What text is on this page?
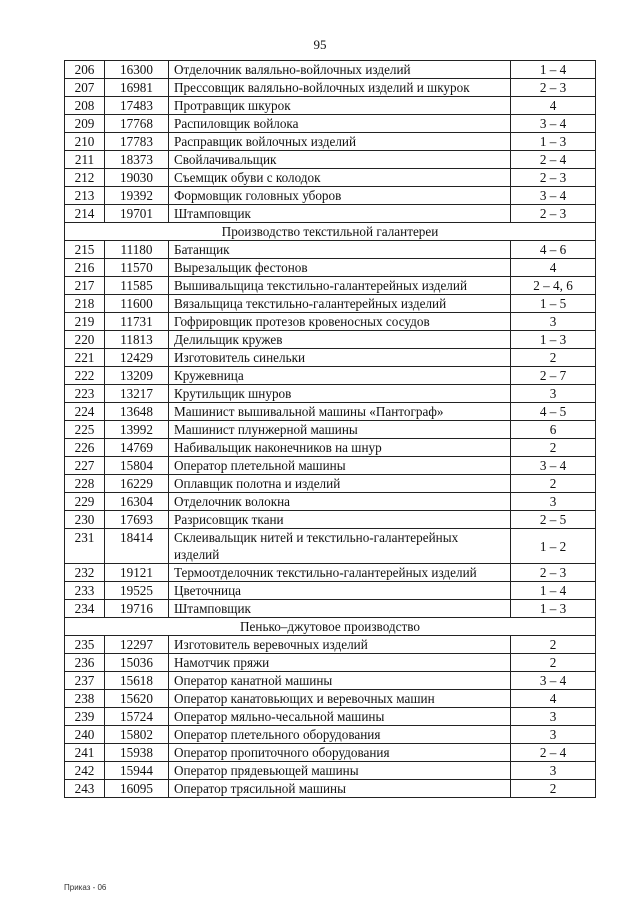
95
206	16300	Отделочник валяльно-войлочных изделий	1 – 4
207	16981	Прессовщик валяльно-войлочных изделий и шкурок	2 – 3
208	17483	Протравщик шкурок	4
209	17768	Распиловщик войлока	3 – 4
210	17783	Расправщик войлочных изделий	1 – 3
211	18373	Свойлачивальщик	2 – 4
212	19030	Съемщик обуви с колодок	2 – 3
213	19392	Формовщик головных уборов	3 – 4
214	19701	Штамповщик	2 – 3
Производство текстильной галантереи			
215	11180	Батанщик	4 – 6
216	11570	Вырезальщик фестонов	4
217	11585	Вышивальщица текстильно-галантерейных изделий	2 – 4, 6
218	11600	Вязальщица текстильно-галантерейных изделий	1 – 5
219	11731	Гофрировщик протезов кровеносных сосудов	3
220	11813	Делильщик кружев	1 – 3
221	12429	Изготовитель синельки	2
222	13209	Кружевница	2 – 7
223	13217	Крутильщик шнуров	3
224	13648	Машинист вышивальной машины «Пантограф»	4 – 5
225	13992	Машинист плунжерной машины	6
226	14769	Набивальщик наконечников на шнур	2
227	15804	Оператор плетельной машины	3 – 4
228	16229	Оплавщик полотна и изделий	2
229	16304	Отделочник волокна	3
230	17693	Разрисовщик ткани	2 – 5
231	18414	Склеивальщик нитей и текстильно-галантерейных изделий	1 – 2
232	19121	Термоотделочник текстильно-галантерейных изделий	2 – 3
233	19525	Цветочница	1 – 4
234	19716	Штамповщик	1 – 3
Пенько–джутовое производство			
235	12297	Изготовитель веревочных изделий	2
236	15036	Намотчик пряжи	2
237	15618	Оператор канатной машины	3 – 4
238	15620	Оператор канатовьющих и веревочных машин	4
239	15724	Оператор мяльно-чесальной машины	3
240	15802	Оператор плетельного оборудования	3
241	15938	Оператор пропиточного оборудования	2 – 4
242	15944	Оператор прядевьющей машины	3
243	16095	Оператор трясильной машины	2
Приказ - 06
